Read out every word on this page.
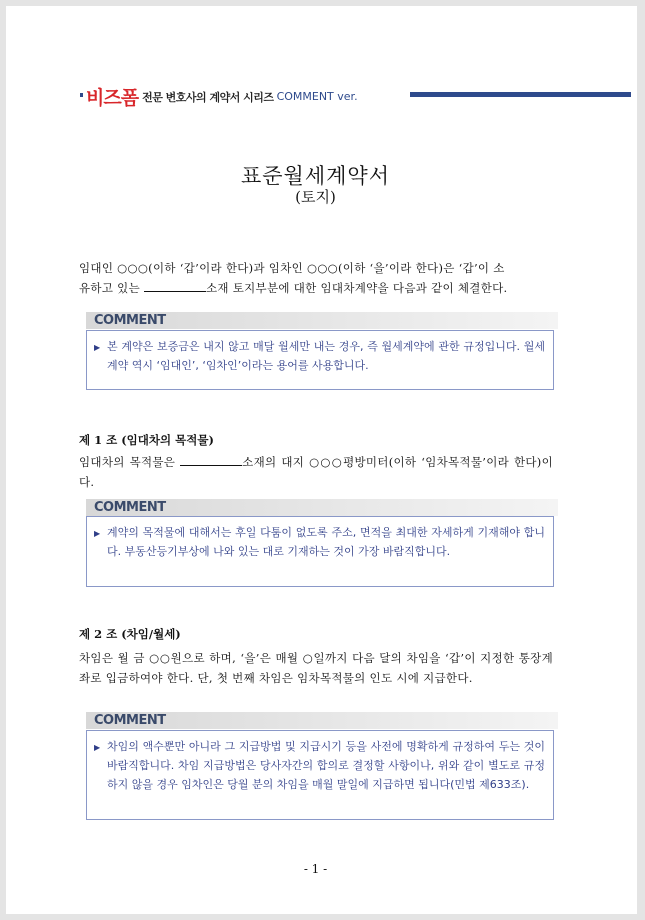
비즈폼 전문 변호사의 계약서 시리즈 COMMENT ver.
표준월세계약서
(토지)
임대인 ○○○(이하 ‘갑’이라 한다)과 임차인 ○○○(이하 ‘을’이라 한다)은 ‘갑’이 소
유하고 있는	소재 토지부분에 대한 임대차계약을 다음과 같이 체결한다.
COMMENT
▶ 본 계약은 보증금은 내지 않고 매달 월세만 내는 경우, 즉 월세계약에 관한 규정입니다. 월세계약 역시 ‘임대인’, ‘임차인’이라는 용어를 사용합니다.
제 1 조 (임대차의 목적물)
임대차의 목적물은	소재의 대지 ○○○평방미터(이하 ‘임차목적물’이라 한다)이다.
COMMENT
▶ 계약의 목적물에 대해서는 후일 다툼이 없도록 주소, 면적을 최대한 자세하게 기재해야 합니다. 부동산등기부상에 나와 있는 대로 기재하는 것이 가장 바람직합니다.
제 2 조 (차임/월세)
차임은 월 금 ○○원으로 하며, ‘을’은 매월 ○일까지 다음 달의 차임을 ‘갑’이 지정한 통장계좌로 입금하여야 한다. 단, 첫 번째 차임은 임차목적물의 인도 시에 지급한다.
COMMENT
▶ 차임의 액수뿐만 아니라 그 지급방법 및 지급시기 등을 사전에 명확하게 규정하여 두는 것이 바람직합니다. 차임 지급방법은 당사자간의 합의로 결정할 사항이나, 위와 같이 별도로 규정하지 않을 경우 임차인은 당월 분의 차임을 매월 말일에 지급하면 됩니다(민법 제633조).
- 1 -
